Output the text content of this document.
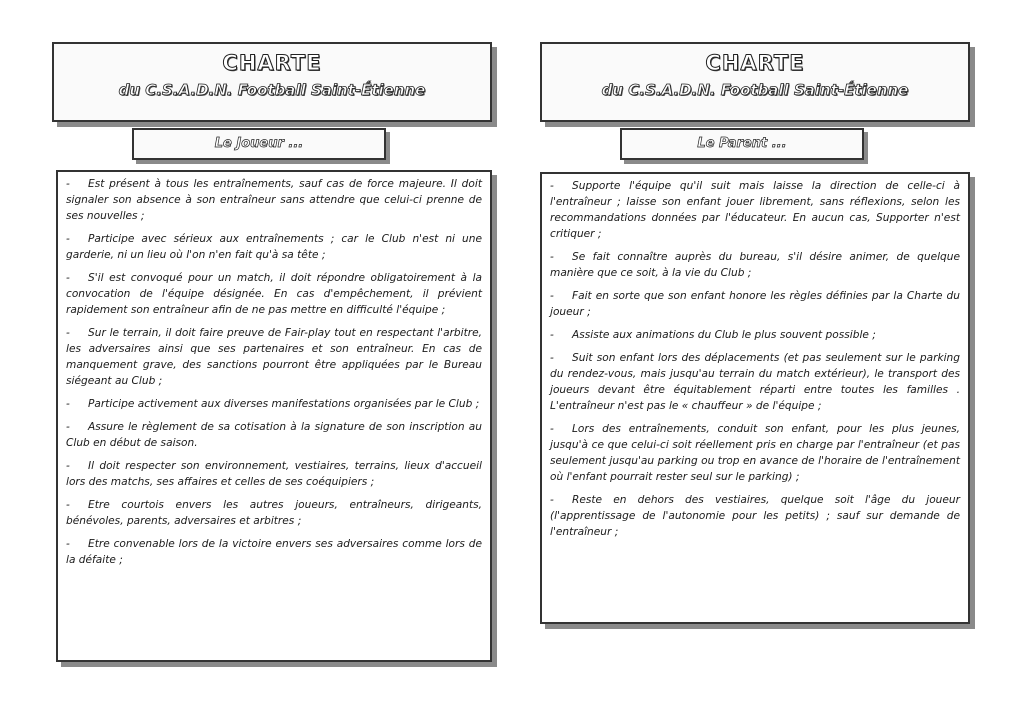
CHARTE
du C.S.A.D.N. Football Saint-Étienne
Le Joueur ...
- Est présent à tous les entraînements, sauf cas de force majeure. Il doit signaler son absence à son entraîneur sans attendre que celui-ci prenne de ses nouvelles ;
- Participe avec sérieux aux entraînements ; car le Club n'est ni une garderie, ni un lieu où l'on n'en fait qu'à sa tête ;
- S'il est convoqué pour un match, il doit répondre obligatoirement à la convocation de l'équipe désignée. En cas d'empêchement, il prévient rapidement son entraîneur afin de ne pas mettre en difficulté l'équipe ;
- Sur le terrain, il doit faire preuve de Fair-play tout en respectant l'arbitre, les adversaires ainsi que ses partenaires et son entraîneur. En cas de manquement grave, des sanctions pourront être appliquées par le Bureau siégeant au Club ;
- Participe activement aux diverses manifestations organisées par le Club ;
- Assure le règlement de sa cotisation à la signature de son inscription au Club en début de saison.
- Il doit respecter son environnement, vestiaires, terrains, lieux d'accueil lors des matchs, ses affaires et celles de ses coéquipiers ;
- Etre courtois envers les autres joueurs, entraîneurs, dirigeants, bénévoles, parents, adversaires et arbitres ;
- Etre convenable lors de la victoire envers ses adversaires comme lors de la défaite ;
CHARTE
du C.S.A.D.N. Football Saint-Étienne
Le Parent ...
- Supporte l'équipe qu'il suit mais laisse la direction de celle-ci à l'entraîneur ; laisse son enfant jouer librement, sans réflexions, selon les recommandations données par l'éducateur. En aucun cas, Supporter n'est critiquer ;
- Se fait connaître auprès du bureau, s'il désire animer, de quelque manière que ce soit, à la vie du Club ;
- Fait en sorte que son enfant honore les règles définies par la Charte du joueur ;
- Assiste aux animations du Club le plus souvent possible ;
- Suit son enfant lors des déplacements (et pas seulement sur le parking du rendez-vous, mais jusqu'au terrain du match extérieur), le transport des joueurs devant être équitablement réparti entre toutes les familles . L'entraîneur n'est pas le « chauffeur » de l'équipe ;
- Lors des entraînements, conduit son enfant, pour les plus jeunes, jusqu'à ce que celui-ci soit réellement pris en charge par l'entraîneur (et pas seulement jusqu'au parking ou trop en avance de l'horaire de l'entraînement où l'enfant pourrait rester seul sur le parking) ;
- Reste en dehors des vestiaires, quelque soit l'âge du joueur (l'apprentissage de l'autonomie pour les petits) ; sauf sur demande de l'entraîneur ;
